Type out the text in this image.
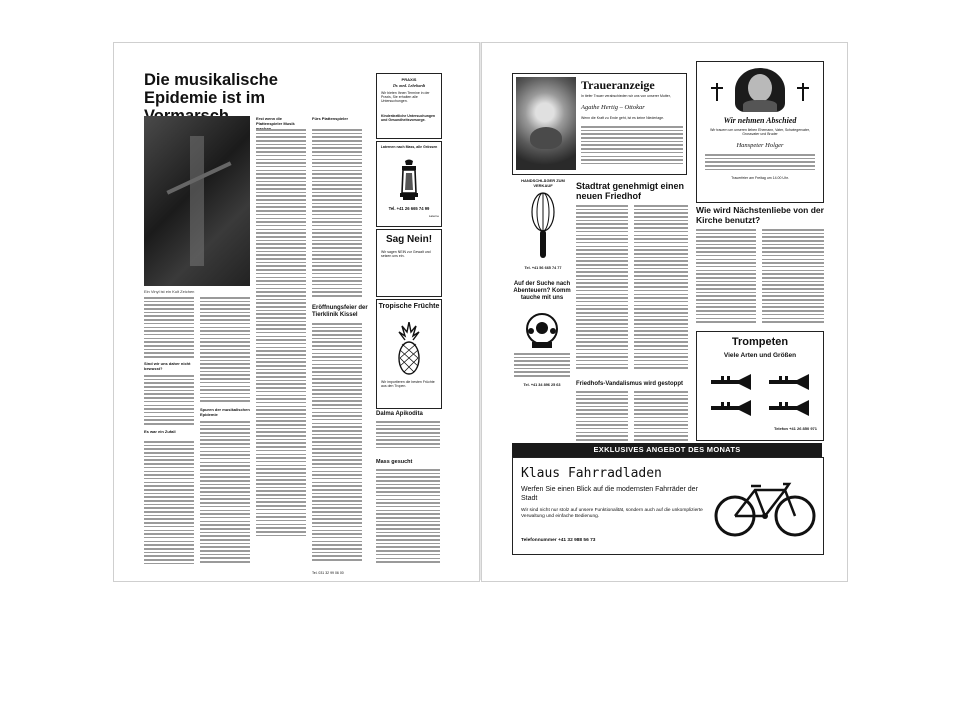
Die musikalische Epidemie ist im
Ein Vinyl ist ein Kult Zeichen
Sind wir uns daher nicht bewusst?
Es war ein Zufall
Spuren der musikalischen Epidemie
Erst wenn die Plattenspieler Musik
Fürs Plattenspieler
Eröffnungsfeier der Tierklinik Kissel
Tel. 031 32 99 06 00
PRAXIS
Dr. med. Lehrhardt
Wir bieten Ihnen Termine in der Praxis, Sie erhalten alle Untersuchungen.
Kinderärztliche Untersuchungen und Gesundheitsvorsorge.
Laternen nach Mass, alle Grössen
Tel. +41 26 665 74 99
Laterne
Sag Nein!
Wir sagen NEIN zur Gewalt und setzen uns ein.
Tropische Früchte
Wir importieren die besten Früchte aus den Tropen.
Dalma Apikodita
Mass gesucht
Traueranzeige
In tiefer Trauer verabschieden wir uns von unserer Mutter,
Agathe Hertig – Ottokar
Wenn die Kraft zu Ende geht, ist es keine Niederlage.	Wir nehmen Abschied
Wir trauern um unseren lieben Ehemann, Vater, Schwiegervater, Grossvater und Bruder
Hanspeter Holger
Trauerfeier am Freitag um 14.00 Uhr.
HANDSCHLÄGER ZUM VERKAUF
Tel. +41 56 665 74 77
Stadtrat genehmigt einen neuen Friedhof
Auf der Suche nach Abenteuern? Komm tauche mit uns
Tel. +41 34 896 25 63	Friedhofs-Vandalismus wird gestoppt
Wie wird Nächstenliebe von der Kirche benutzt?
Trompeten
Viele Arten und Größen
Telefon +41 26 850 971
EXKLUSIVES ANGEBOT DES MONATS
Klaus Fahrradladen
Werfen Sie einen Blick auf die modernsten Fahrräder der Stadt
Wir sind nicht nur stolz auf unsere Funktionalität, sondern auch auf die unkomplizierte Verwaltung und einfache Bedienung.
Telefonnummer +41 32 988 56 73
